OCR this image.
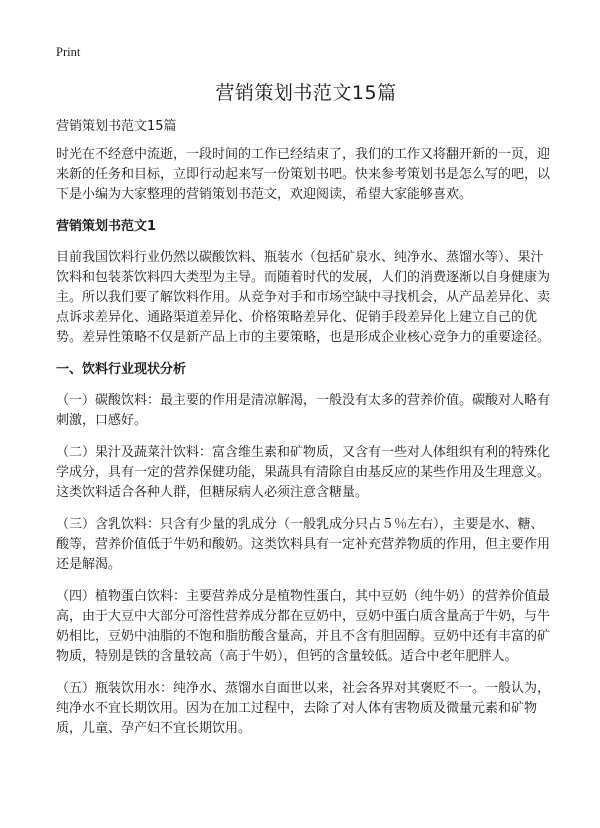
Print
营销策划书范文15篇
营销策划书范文15篇

时光在不经意中流逝，一段时间的工作已经结束了，我们的工作又将翻开新的一页，迎来新的任务和目标，立即行动起来写一份策划书吧。快来参考策划书是怎么写的吧，以下是小编为大家整理的营销策划书范文，欢迎阅读，希望大家能够喜欢。

营销策划书范文1

目前我国饮料行业仍然以碳酸饮料、瓶装水（包括矿泉水、纯净水、蒸馏水等）、果汁饮料和包装茶饮料四大类型为主导。而随着时代的发展，人们的消费逐渐以自身健康为主。所以我们要了解饮料作用。从竞争对手和市场空缺中寻找机会，从产品差异化、卖点诉求差异化、通路渠道差异化、价格策略差异化、促销手段差异化上建立自己的优势。差异性策略不仅是新产品上市的主要策略，也是形成企业核心竞争力的重要途径。

一、饮料行业现状分析

（一）碳酸饮料：最主要的作用是清凉解渴，一般没有太多的营养价值。碳酸对人略有刺激，口感好。

（二）果汁及蔬菜汁饮料：富含维生素和矿物质，又含有一些对人体组织有利的特殊化学成分，具有一定的营养保健功能，果蔬具有清除自由基反应的某些作用及生理意义。这类饮料适合各种人群，但糖尿病人必须注意含糖量。

（三）含乳饮料：只含有少量的乳成分（一般乳成分只占５％左右），主要是水、糖、酸等，营养价值低于牛奶和酸奶。这类饮料具有一定补充营养物质的作用，但主要作用还是解渴。

（四）植物蛋白饮料：主要营养成分是植物性蛋白，其中豆奶（纯牛奶）的营养价值最高，由于大豆中大部分可溶性营养成分都在豆奶中，豆奶中蛋白质含量高于牛奶，与牛奶相比，豆奶中油脂的不饱和脂肪酸含量高，并且不含有胆固醇。豆奶中还有丰富的矿物质，特别是铁的含量较高（高于牛奶），但钙的含量较低。适合中老年肥胖人。

（五）瓶装饮用水：纯净水、蒸馏水自面世以来，社会各界对其褒贬不一。一般认为，纯净水不宜长期饮用。因为在加工过程中，去除了对人体有害物质及微量元素和矿物质，儿童、孕产妇不宜长期饮用。
